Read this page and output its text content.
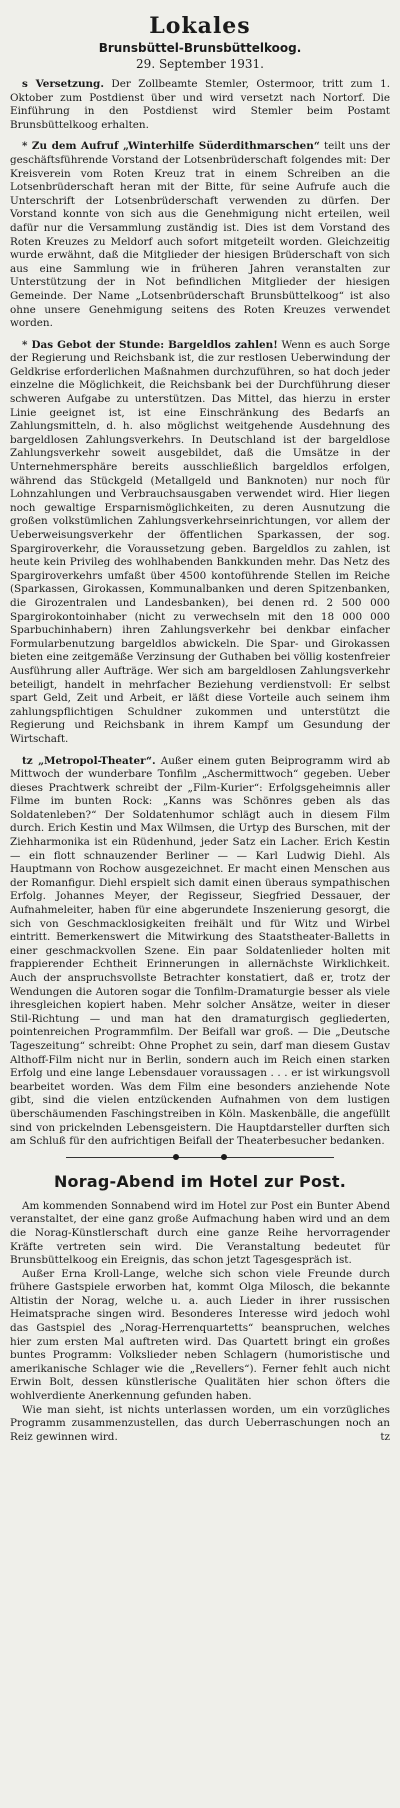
Lokales
Brunsbüttel-Brunsbüttelkoog.
29. September 1931.

s Versetzung. Der Zollbeamte Stemler, Ostermoor, tritt zum 1. Oktober zum Postdienst über und wird versetzt nach Nortorf. Die Einführung in den Postdienst wird Stemler beim Postamt Brunsbüttelkoog erhalten.

* Zu dem Aufruf „Winterhilfe Süderdithmarschen“ teilt uns der geschäftsführende Vorstand der Lotsenbrüderschaft folgendes mit: Der Kreisverein vom Roten Kreuz trat in einem Schreiben an die Lotsenbrüderschaft heran mit der Bitte, für seine Aufrufe auch die Unterschrift der Lotsenbrüderschaft verwenden zu dürfen. Der Vorstand konnte von sich aus die Genehmigung nicht erteilen, weil dafür nur die Versammlung zuständig ist. Dies ist dem Vorstand des Roten Kreuzes zu Meldorf auch sofort mitgeteilt worden. Gleichzeitig wurde erwähnt, daß die Mitglieder der hiesigen Brüderschaft von sich aus eine Sammlung wie in früheren Jahren veranstalten zur Unterstützung der in Not befindlichen Mitglieder der hiesigen Gemeinde. Der Name „Lotsenbrüderschaft Brunsbüttelkoog“ ist also ohne unsere Genehmigung seitens des Roten Kreuzes verwendet worden.

* Das Gebot der Stunde: Bargeldlos zahlen! Wenn es auch Sorge der Regierung und Reichsbank ist, die zur restlosen Ueberwindung der Geldkrise erforderlichen Maßnahmen durchzuführen, so hat doch jeder einzelne die Möglichkeit, die Reichsbank bei der Durchführung dieser schweren Aufgabe zu unterstützen. Das Mittel, das hierzu in erster Linie geeignet ist, ist eine Einschränkung des Bedarfs an Zahlungsmitteln, d. h. also möglichst weitgehende Ausdehnung des bargeldlosen Zahlungsverkehrs. In Deutschland ist der bargeldlose Zahlungsverkehr soweit ausgebildet, daß die Umsätze in der Unternehmersphäre bereits ausschließlich bargeldlos erfolgen, während das Stückgeld (Metallgeld und Banknoten) nur noch für Lohnzahlungen und Verbrauchsausgaben verwendet wird. Hier liegen noch gewaltige Ersparnismöglichkeiten, zu deren Ausnutzung die großen volkstümlichen Zahlungsverkehrseinrichtungen, vor allem der Ueberweisungsverkehr der öffentlichen Sparkassen, der sog. Spargiroverkehr, die Voraussetzung geben. Bargeldlos zu zahlen, ist heute kein Privileg des wohlhabenden Bankkunden mehr. Das Netz des Spargiroverkehrs umfaßt über 4500 kontoführende Stellen im Reiche (Sparkassen, Girokassen, Kommunalbanken und deren Spitzenbanken, die Girozentralen und Landesbanken), bei denen rd. 2 500 000 Spargirokontoinhaber (nicht zu verwechseln mit den 18 000 000 Sparbuchinhabern) ihren Zahlungsverkehr bei denkbar einfacher Formularbenutzung bargeldlos abwickeln. Die Spar- und Girokassen bieten eine zeitgemäße Verzinsung der Guthaben bei völlig kostenfreier Ausführung aller Aufträge. Wer sich am bargeldlosen Zahlungsverkehr beteiligt, handelt in mehrfacher Beziehung verdienstvoll: Er selbst spart Geld, Zeit und Arbeit, er läßt diese Vorteile auch seinem ihm zahlungspflichtigen Schuldner zukommen und unterstützt die Regierung und Reichsbank in ihrem Kampf um Gesundung der Wirtschaft.

tz „Metropol-Theater“. Außer einem guten Beiprogramm wird ab Mittwoch der wunderbare Tonfilm „Aschermittwoch“ gegeben. Ueber dieses Prachtwerk schreibt der „Film-Kurier“: Erfolgsgeheimnis aller Filme im bunten Rock: „Kanns was Schönres geben als das Soldatenleben?“ Der Soldatenhumor schlägt auch in diesem Film durch. Erich Kestin und Max Wilmsen, die Urtyp des Burschen, mit der Ziehharmonika ist ein Rüdenhund, jeder Satz ein Lacher. Erich Kestin — ein flott schnauzender Berliner — — Karl Ludwig Diehl. Als Hauptmann von Rochow ausgezeichnet. Er macht einen Menschen aus der Romanfigur. Diehl erspielt sich damit einen überaus sympathischen Erfolg. Johannes Meyer, der Regisseur, Siegfried Dessauer, der Aufnahmeleiter, haben für eine abgerundete Inszenierung gesorgt, die sich von Geschmacklosigkeiten freihält und für Witz und Wirbel eintritt. Bemerkenswert die Mitwirkung des Staatstheater-Balletts in einer geschmackvollen Szene. Ein paar Soldatenlieder holten mit frappierender Echtheit Erinnerungen in allernächste Wirklichkeit. Auch der anspruchsvollste Betrachter konstatiert, daß er, trotz der Wendungen die Autoren sogar die Tonfilm-Dramaturgie besser als viele ihresgleichen kopiert haben. Mehr solcher Ansätze, weiter in dieser Stil-Richtung — und man hat den dramaturgisch gegliederten, pointenreichen Programmfilm. Der Beifall war groß. — Die „Deutsche Tageszeitung“ schreibt: Ohne Prophet zu sein, darf man diesem Gustav Althoff-Film nicht nur in Berlin, sondern auch im Reich einen starken Erfolg und eine lange Lebensdauer voraussagen . . . er ist wirkungsvoll bearbeitet worden. Was dem Film eine besonders anziehende Note gibt, sind die vielen entzückenden Aufnahmen von dem lustigen überschäumenden Faschingstreiben in Köln. Maskenbälle, die angefüllt sind von prickelnden Lebensgeistern. Die Hauptdarsteller durften sich am Schluß für den aufrichtigen Beifall der Theaterbesucher bedanken.

Norag-Abend im Hotel zur Post.

Am kommenden Sonnabend wird im Hotel zur Post ein Bunter Abend veranstaltet, der eine ganz große Aufmachung haben wird und an dem die Norag-Künstlerschaft durch eine ganze Reihe hervorragender Kräfte vertreten sein wird. Die Veranstaltung bedeutet für Brunsbüttelkoog ein Ereignis, das schon jetzt Tagesgespräch ist.

Außer Erna Kroll-Lange, welche sich schon viele Freunde durch frühere Gastspiele erworben hat, kommt Olga Milosch, die bekannte Altistin der Norag, welche u. a. auch Lieder in ihrer russischen Heimatsprache singen wird. Besonderes Interesse wird jedoch wohl das Gastspiel des „Norag-Herrenquartetts“ beanspruchen, welches hier zum ersten Mal auftreten wird. Das Quartett bringt ein großes buntes Programm: Volkslieder neben Schlagern (humoristische und amerikanische Schlager wie die „Revellers“). Ferner fehlt auch nicht Erwin Bolt, dessen künstlerische Qualitäten hier schon öfters die wohlverdiente Anerkennung gefunden haben.

Wie man sieht, ist nichts unterlassen worden, um ein vorzügliches Programm zusammenzustellen, das durch Ueberraschungen noch an Reiz gewinnen wird.	tz
